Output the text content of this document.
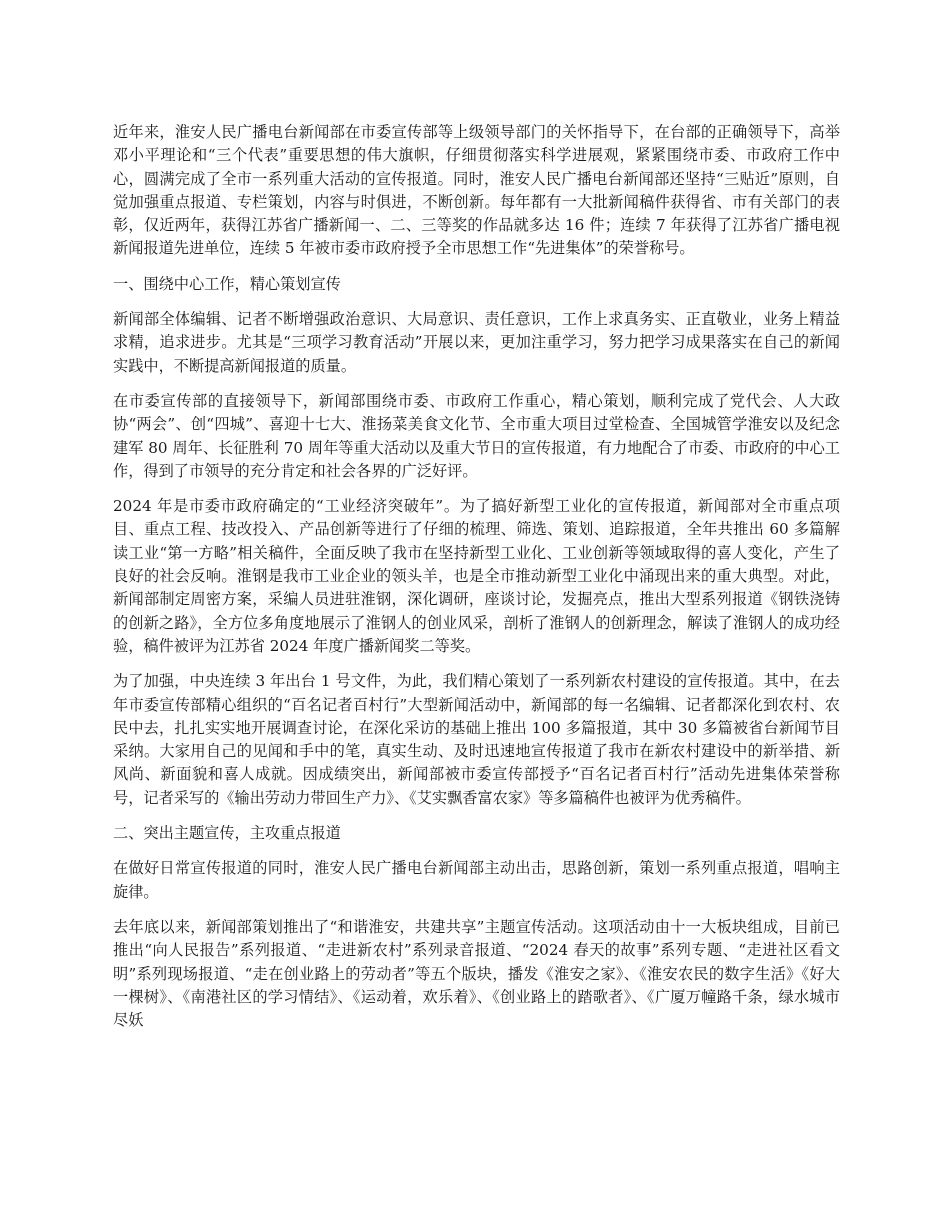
近年来，淮安人民广播电台新闻部在市委宣传部等上级领导部门的关怀指导下，在台部的正确领导下，高举邓小平理论和“三个代表”重要思想的伟大旗帜，仔细贯彻落实科学进展观，紧紧围绕市委、市政府工作中心，圆满完成了全市一系列重大活动的宣传报道。同时，淮安人民广播电台新闻部还坚持“三贴近”原则，自觉加强重点报道、专栏策划，内容与时俱进，不断创新。每年都有一大批新闻稿件获得省、市有关部门的表彰，仅近两年，获得江苏省广播新闻一、二、三等奖的作品就多达 16 件；连续 7 年获得了江苏省广播电视新闻报道先进单位，连续 5 年被市委市政府授予全市思想工作“先进集体”的荣誉称号。

一、围绕中心工作，精心策划宣传

新闻部全体编辑、记者不断增强政治意识、大局意识、责任意识，工作上求真务实、正直敬业，业务上精益求精，追求进步。尤其是“三项学习教育活动”开展以来，更加注重学习，努力把学习成果落实在自己的新闻实践中，不断提高新闻报道的质量。

在市委宣传部的直接领导下，新闻部围绕市委、市政府工作重心，精心策划，顺利完成了党代会、人大政协“两会”、创“四城”、喜迎十七大、淮扬菜美食文化节、全市重大项目过堂检查、全国城管学淮安以及纪念建军 80 周年、长征胜利 70 周年等重大活动以及重大节日的宣传报道，有力地配合了市委、市政府的中心工作，得到了市领导的充分肯定和社会各界的广泛好评。

2024 年是市委市政府确定的“工业经济突破年”。为了搞好新型工业化的宣传报道，新闻部对全市重点项目、重点工程、技改投入、产品创新等进行了仔细的梳理、筛选、策划、追踪报道，全年共推出 60 多篇解读工业“第一方略”相关稿件，全面反映了我市在坚持新型工业化、工业创新等领域取得的喜人变化，产生了良好的社会反响。淮钢是我市工业企业的领头羊，也是全市推动新型工业化中涌现出来的重大典型。对此，新闻部制定周密方案，采编人员进驻淮钢，深化调研，座谈讨论，发掘亮点，推出大型系列报道《钢铁浇铸的创新之路》，全方位多角度地展示了淮钢人的创业风采，剖析了淮钢人的创新理念，解读了淮钢人的成功经验，稿件被评为江苏省 2024 年度广播新闻奖二等奖。

为了加强，中央连续 3 年出台 1 号文件，为此，我们精心策划了一系列新农村建设的宣传报道。其中，在去年市委宣传部精心组织的“百名记者百村行”大型新闻活动中，新闻部的每一名编辑、记者都深化到农村、农民中去，扎扎实实地开展调查讨论，在深化采访的基础上推出 100 多篇报道，其中 30 多篇被省台新闻节目采纳。大家用自己的见闻和手中的笔，真实生动、及时迅速地宣传报道了我市在新农村建设中的新举措、新风尚、新面貌和喜人成就。因成绩突出，新闻部被市委宣传部授予“百名记者百村行”活动先进集体荣誉称号，记者采写的《输出劳动力带回生产力》、《艾实飘香富农家》等多篇稿件也被评为优秀稿件。

二、突出主题宣传，主攻重点报道

在做好日常宣传报道的同时，淮安人民广播电台新闻部主动出击，思路创新，策划一系列重点报道，唱响主旋律。

去年底以来，新闻部策划推出了“和谐淮安，共建共享”主题宣传活动。这项活动由十一大板块组成，目前已推出“向人民报告”系列报道、“走进新农村”系列录音报道、“2024 春天的故事”系列专题、“走进社区看文明”系列现场报道、“走在创业路上的劳动者”等五个版块，播发《淮安之家》、《淮安农民的数字生活》《好大一棵树》、《南港社区的学习情结》、《运动着，欢乐着》、《创业路上的踏歌者》、《广厦万幢路千条，绿水城市尽妖
